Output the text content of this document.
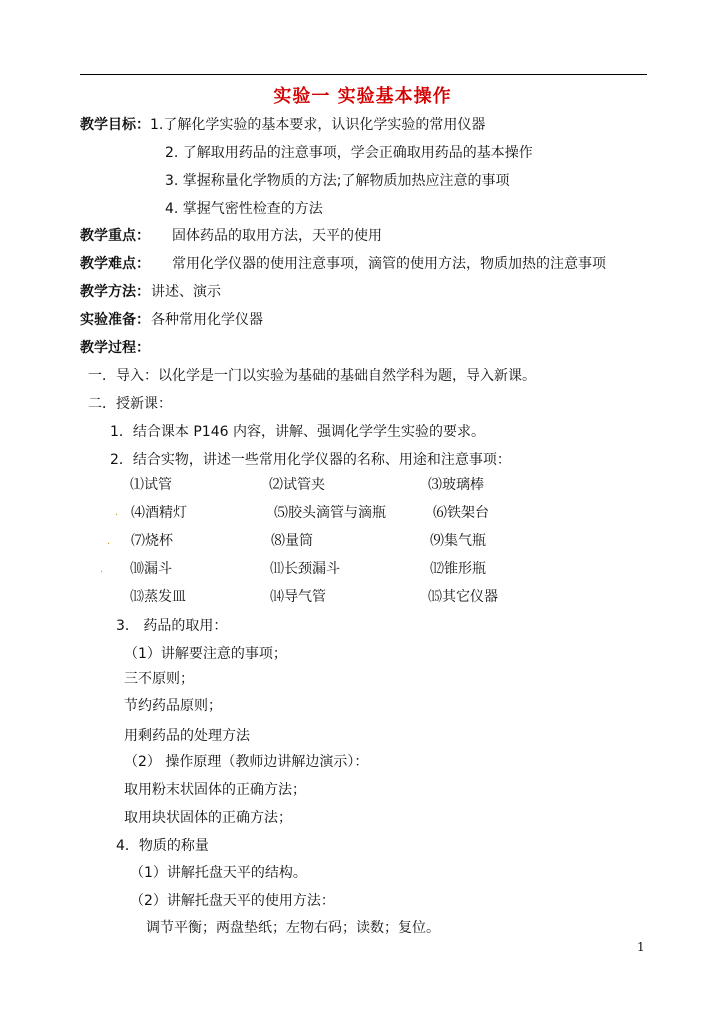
实验一 实验基本操作
教学目标： 1.了解化学实验的基本要求，认识化学实验的常用仪器
2. 了解取用药品的注意事项，学会正确取用药品的基本操作
3. 掌握称量化学物质的方法;了解物质加热应注意的事项
4. 掌握气密性检查的方法
教学重点： 固体药品的取用方法，天平的使用
教学难点： 常用化学仪器的使用注意事项，滴管的使用方法，物质加热的注意事项
教学方法： 讲述、演示
实验准备： 各种常用化学仪器
教学过程：
一．导入：以化学是一门以实验为基础的基础自然学科为题，导入新课。
二．授新课：
1．结合课本 P146 内容，讲解、强调化学学生实验的要求。
2．结合实物，讲述一些常用化学仪器的名称、用途和注意事项：
⑴试管	⑵试管夹	⑶玻璃棒
. ⑷酒精灯	⑸胶头滴管与滴瓶	⑹铁架台
. ⑺烧杯	⑻量筒	⑼集气瓶
. ⑽漏斗	⑾长颈漏斗	⑿锥形瓶
⒀蒸发皿	⒁导气管	⒂其它仪器
3． 药品的取用：
（1）讲解要注意的事项；
三不原则；
节约药品原则；
用剩药品的处理方法
（2） 操作原理（教师边讲解边演示）：
取用粉末状固体的正确方法；
取用块状固体的正确方法；
4．物质的称量
（1）讲解托盘天平的结构。
（2）讲解托盘天平的使用方法：
调节平衡；两盘垫纸；左物右码；读数；复位。
1
